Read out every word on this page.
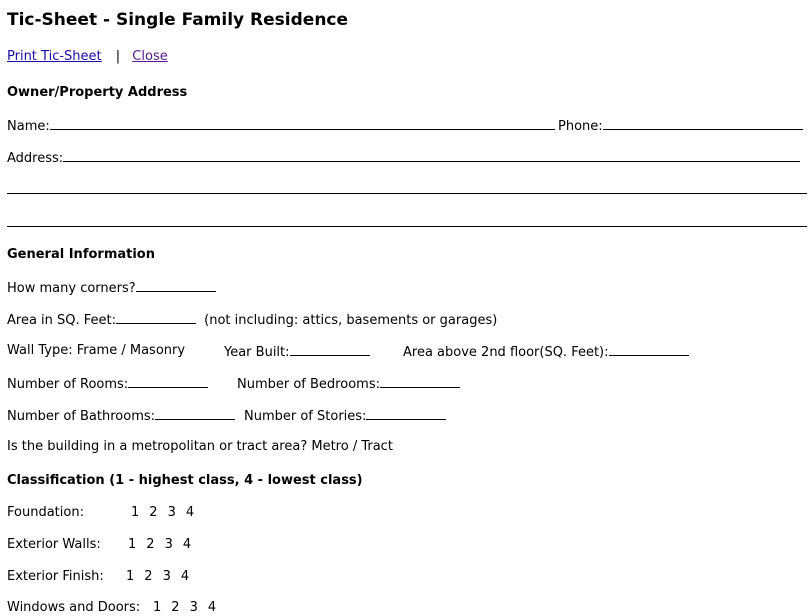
Tic-Sheet - Single Family Residence
Print Tic-Sheet | Close
Owner/Property Address
Name:	Phone:
Address:
General Information
How many corners?
Area in SQ. Feet:	(not including: attics, basements or garages)
Wall Type: Frame / Masonry	Year Built:	Area above 2nd floor(SQ. Feet):
Number of Rooms:	Number of Bedrooms:
Number of Bathrooms:	Number of Stories:
Is the building in a metropolitan or tract area? Metro / Tract
Classification (1 - highest class, 4 - lowest class)
Foundation:	1 2 3 4
Exterior Walls: 1 2 3 4
Exterior Finish: 1 2 3 4
Windows and Doors: 1 2 3 4
